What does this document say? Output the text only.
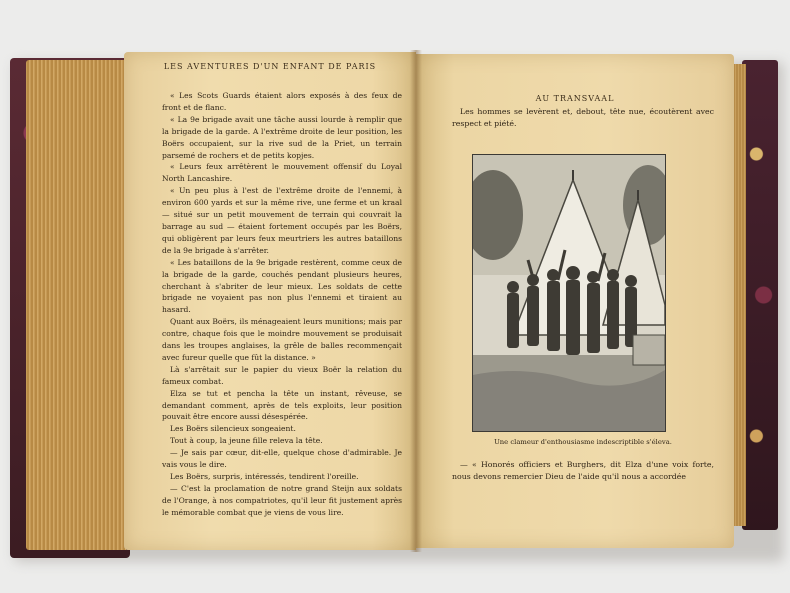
LES AVENTURES D'UN ENFANT DE PARIS

« Les Scots Guards étaient alors exposés à des feux de front et de flanc.

« La 9e brigade avait une tâche aussi lourde à remplir que la brigade de la garde. A l'extrême droite de leur position, les Boërs occupaient, sur la rive sud de la Priet, un terrain parsemé de rochers et de petits kopjes.

« Leurs feux arrêtèrent le mouvement offensif du Loyal North Lancashire.

« Un peu plus à l'est de l'extrême droite de l'ennemi, à environ 600 yards et sur la même rive, une ferme et un kraal — situé sur un petit mouvement de terrain qui couvrait la barrage au sud — étaient fortement occupés par les Boërs, qui obligèrent par leurs feux meurtriers les autres bataillons de la 9e brigade à s'arrêter.

« Les bataillons de la 9e brigade restèrent, comme ceux de la brigade de la garde, couchés pendant plusieurs heures, cherchant à s'abriter de leur mieux. Les soldats de cette brigade ne voyaient pas non plus l'ennemi et tiraient au hasard.

Quant aux Boërs, ils ménageaient leurs munitions; mais par contre, chaque fois que le moindre mouvement se produisait dans les troupes anglaises, la grêle de balles recommençait avec fureur quelle que fût la distance. »

Là s'arrêtait sur le papier du vieux Boër la relation du fameux combat.

Elza se tut et pencha la tête un instant, rêveuse, se demandant comment, après de tels exploits, leur position pouvait être encore aussi désespérée.

Les Boërs silencieux songeaient.

Tout à coup, la jeune fille releva la tête.

— Je sais par cœur, dit-elle, quelque chose d'admirable. Je vais vous le dire.

Les Boërs, surpris, intéressés, tendirent l'oreille.

— C'est la proclamation de notre grand Steijn aux soldats de l'Orange, à nos compatriotes, qu'il leur fit justement après le mémorable combat que je viens de vous lire.

AU TRANSVAAL

Les hommes se levèrent et, debout, tête nue, écoutèrent avec respect et piété.

Une clameur d'enthousiasme indescriptible s'éleva.

— « Honorés officiers et Burghers, dit Elza d'une voix forte, nous devons remercier Dieu de l'aide qu'il nous a accordée
